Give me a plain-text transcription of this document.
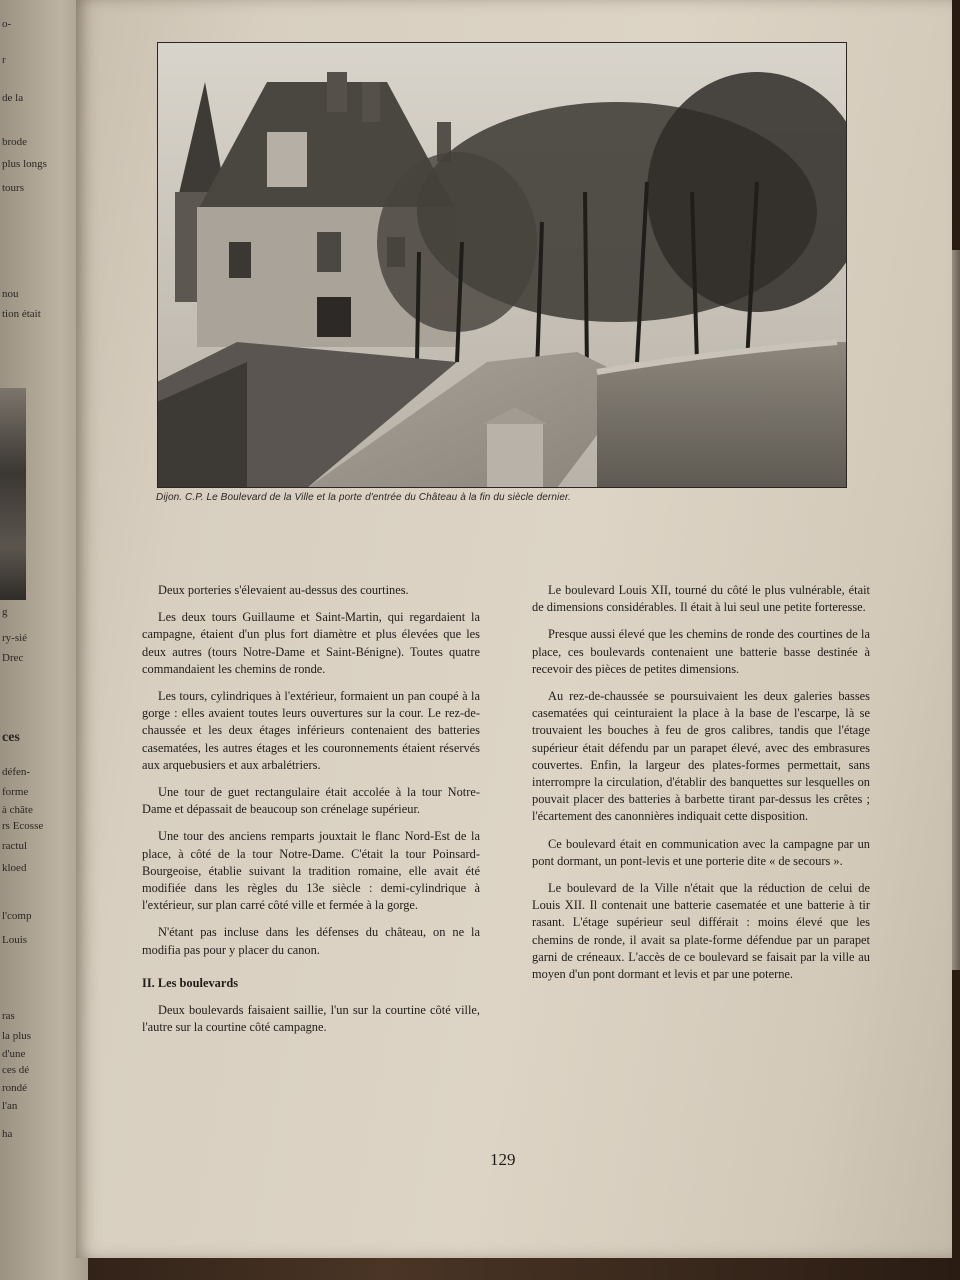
o-
r
de la
brode
plus longs
tours
nou
tion était
g
ry-sié
Drec
ces
défen-
forme
à châte
rs Ecosse
ractul
kloed
l'comp
Louis
ras
la plus
d'une
ces dé
rondé
l'an
ha
Dijon. C.P. Le Boulevard de la Ville et la porte d'entrée du Château à la fin du siècle dernier.

Deux porteries s'élevaient au-dessus des courtines.

Les deux tours Guillaume et Saint-Martin, qui regardaient la campagne, étaient d'un plus fort diamètre et plus élevées que les deux autres (tours Notre-Dame et Saint-Bénigne). Toutes quatre commandaient les chemins de ronde.

Les tours, cylindriques à l'extérieur, formaient un pan coupé à la gorge : elles avaient toutes leurs ouvertures sur la cour. Le rez-de-chaussée et les deux étages inférieurs contenaient des batteries casematées, les autres étages et les couronnements étaient réservés aux arquebusiers et aux arbalétriers.

Une tour de guet rectangulaire était accolée à la tour Notre-Dame et dépassait de beaucoup son crénelage supérieur.

Une tour des anciens remparts jouxtait le flanc Nord-Est de la place, à côté de la tour Notre-Dame. C'était la tour Poinsard-Bourgeoise, établie suivant la tradition romaine, elle avait été modifiée dans les règles du 13e siècle : demi-cylindrique à l'extérieur, sur plan carré côté ville et fermée à la gorge.

N'étant pas incluse dans les défenses du château, on ne la modifia pas pour y placer du canon.

II. Les boulevards

Deux boulevards faisaient saillie, l'un sur la courtine côté ville, l'autre sur la courtine côté campagne.

Le boulevard Louis XII, tourné du côté le plus vulnérable, était de dimensions considérables. Il était à lui seul une petite forteresse.

Presque aussi élevé que les chemins de ronde des courtines de la place, ces boulevards contenaient une batterie basse destinée à recevoir des pièces de petites dimensions.

Au rez-de-chaussée se poursuivaient les deux galeries basses casematées qui ceinturaient la place à la base de l'escarpe, là se trouvaient les bouches à feu de gros calibres, tandis que l'étage supérieur était défendu par un parapet élevé, avec des embrasures couvertes. Enfin, la largeur des plates-formes permettait, sans interrompre la circulation, d'établir des banquettes sur lesquelles on pouvait placer des batteries à barbette tirant par-dessus les crêtes ; l'écartement des canonnières indiquait cette disposition.

Ce boulevard était en communication avec la campagne par un pont dormant, un pont-levis et une porterie dite « de secours ».

Le boulevard de la Ville n'était que la réduction de celui de Louis XII. Il contenait une batterie casematée et une batterie à tir rasant. L'étage supérieur seul différait : moins élevé que les chemins de ronde, il avait sa plate-forme défendue par un parapet garni de créneaux. L'accès de ce boulevard se faisait par la ville au moyen d'un pont dormant et levis et par une poterne.

129
